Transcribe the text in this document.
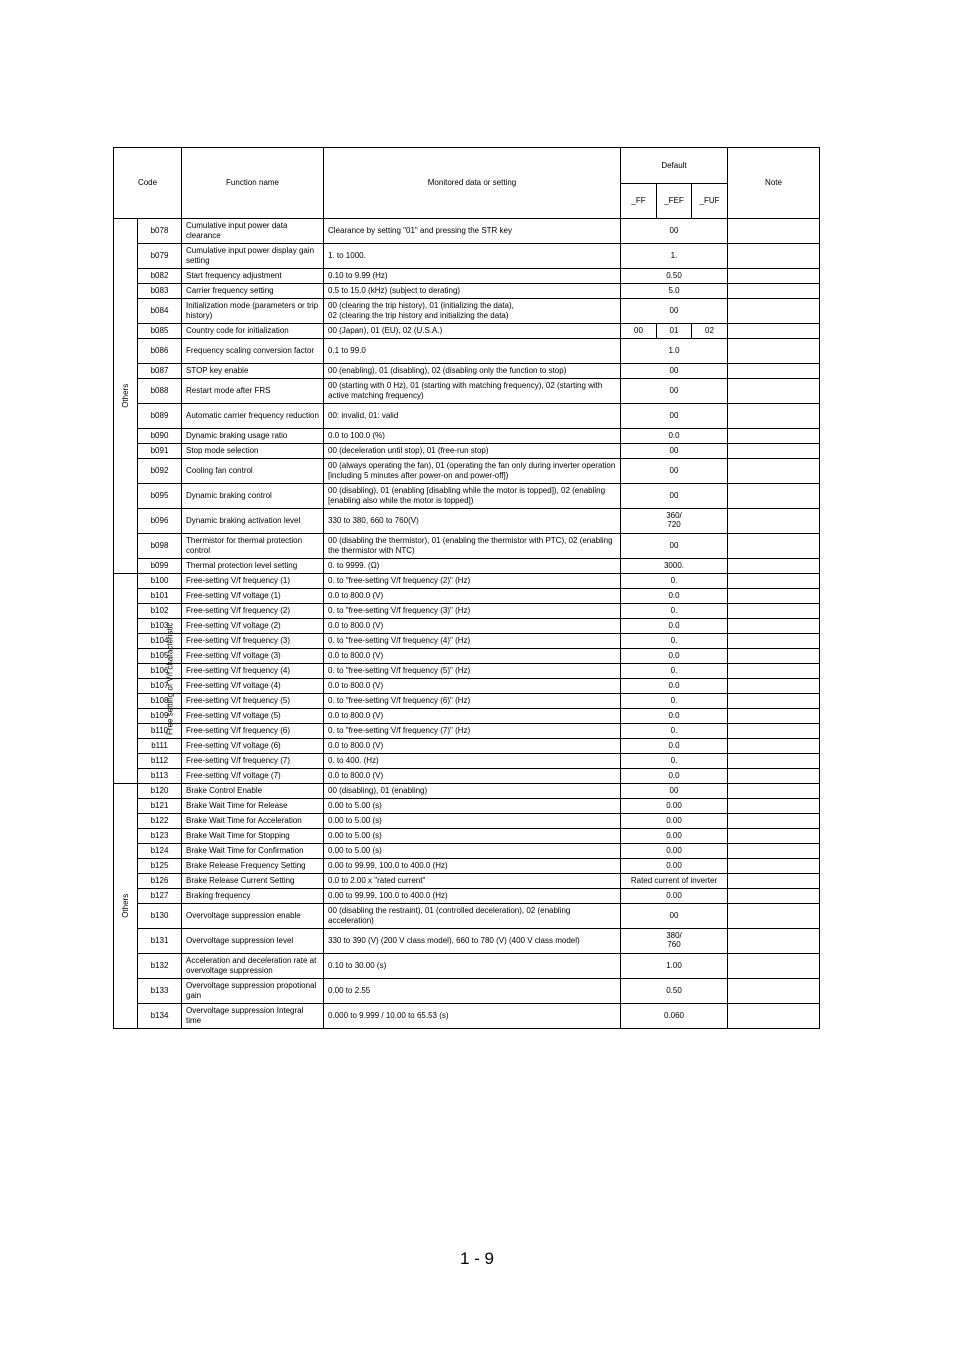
Code		Function name	Monitored data or setting	Default			Note
				_FF	_FEF	_FUF	
Others	b078	Cumulative input power data clearance	Clearance by setting "01" and pressing the STR key	00			
	b079	Cumulative input power display gain setting	1. to 1000.	1.			
	b082	Start frequency adjustment	0.10 to 9.99 (Hz)	0.50			
	b083	Carrier frequency setting	0.5 to 15.0 (kHz) (subject to derating)	5.0			
	b084	Initialization mode (parameters or trip history)	00 (clearing the trip history), 01 (initializing the data),
02 (clearing the trip history and initializing the data)	00			
	b085	Country code for initialization	00 (Japan), 01 (EU), 02 (U.S.A.)	00	01	02	
	b086	Frequency scaling conversion factor	0.1 to 99.0	1.0			
	b087	STOP key enable	00 (enabling), 01 (disabling), 02 (disabling only the function to stop)	00			
	b088	Restart mode after FRS	00 (starting with 0 Hz), 01 (starting with matching frequency), 02 (starting with active matching frequency)	00			
	b089	Automatic carrier frequency reduction	00: invalid, 01: valid	00			
	b090	Dynamic braking usage ratio	0.0 to 100.0 (%)	0.0			
	b091	Stop mode selection	00 (deceleration until stop), 01 (free-run stop)	00			
	b092	Cooling fan control	00 (always operating the fan), 01 (operating the fan only during inverter operation [including 5 minutes after power-on and power-off])	00			
	b095	Dynamic braking control	00 (disabling), 01 (enabling [disabling while the motor is topped]), 02 (enabling [enabling also while the motor is topped])	00			
	b096	Dynamic braking activation level	330 to 380, 660 to 760(V)	360/
720			
	b098	Thermistor for thermal protection control	00 (disabling the thermistor), 01 (enabling the thermistor with PTC), 02 (enabling the thermistor with NTC)	00			
	b099	Thermal protection level setting	0. to 9999. (Ω)	3000.			
Free setting of V/f characteristic	b100	Free-setting V/f frequency (1)	0. to "free-setting V/f frequency (2)" (Hz)	0.			
	b101	Free-setting V/f voltage (1)	0.0 to 800.0 (V)	0.0			
	b102	Free-setting V/f frequency (2)	0. to "free-setting V/f frequency (3)" (Hz)	0.			
	b103	Free-setting V/f voltage (2)	0.0 to 800.0 (V)	0.0			
	b104	Free-setting V/f frequency (3)	0. to "free-setting V/f frequency (4)" (Hz)	0.			
	b105	Free-setting V/f voltage (3)	0.0 to 800.0 (V)	0.0			
	b106	Free-setting V/f frequency (4)	0. to "free-setting V/f frequency (5)" (Hz)	0.			
	b107	Free-setting V/f voltage (4)	0.0 to 800.0 (V)	0.0			
	b108	Free-setting V/f frequency (5)	0. to "free-setting V/f frequency (6)" (Hz)	0.			
	b109	Free-setting V/f voltage (5)	0.0 to 800.0 (V)	0.0			
	b110	Free-setting V/f frequency (6)	0. to "free-setting V/f frequency (7)" (Hz)	0.			
	b111	Free-setting V/f voltage (6)	0.0 to 800.0 (V)	0.0			
	b112	Free-setting V/f frequency (7)	0. to 400. (Hz)	0.			
	b113	Free-setting V/f voltage (7)	0.0 to 800.0 (V)	0.0			
Others	b120	Brake Control Enable	00 (disabling), 01 (enabling)	00			
	b121	Brake Wait Time for Release	0.00 to 5.00 (s)	0.00			
	b122	Brake Wait Time for Acceleration	0.00 to 5.00 (s)	0.00			
	b123	Brake Wait Time for Stopping	0.00 to 5.00 (s)	0.00			
	b124	Brake Wait Time for Confirmation	0.00 to 5.00 (s)	0.00			
	b125	Brake Release Frequency Setting	0.00 to 99.99, 100.0 to 400.0 (Hz)	0.00			
	b126	Brake Release Current Setting	0.0 to 2.00 x "rated current"	Rated current of inverter			
	b127	Braking frequency	0.00 to 99.99, 100.0 to 400.0 (Hz)	0.00			
	b130	Overvoltage suppression enable	00 (disabling the restraint), 01 (controlled deceleration), 02 (enabling acceleration)	00			
	b131	Overvoltage suppression level	330 to 390 (V) (200 V class model), 660 to 780 (V) (400 V class model)	380/
760			
	b132	Acceleration and deceleration rate at overvoltage suppression	0.10 to 30.00 (s)	1.00			
	b133	Overvoltage suppression propotional gain	0.00 to 2.55	0.50			
	b134	Overvoltage suppression Integral time	0.000 to 9.999 / 10.00 to 65.53 (s)	0.060			
1 - 9
